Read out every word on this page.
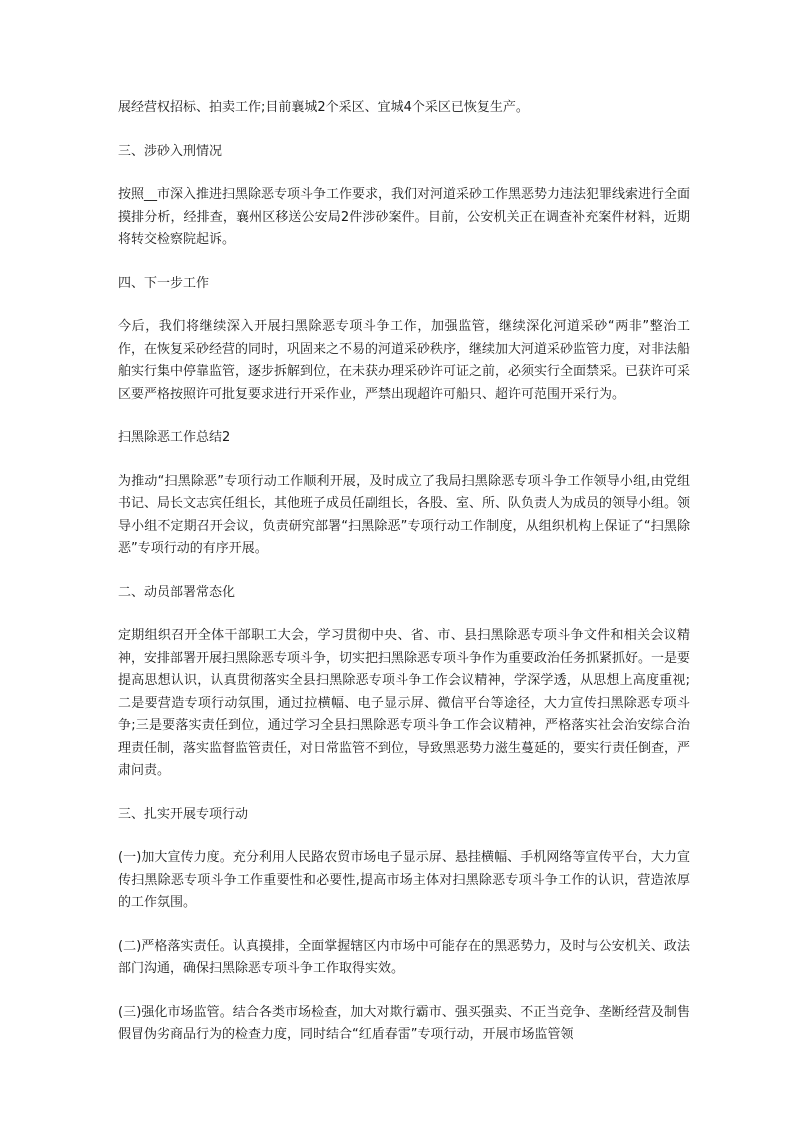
展经营权招标、拍卖工作;目前襄城2个采区、宜城4个采区已恢复生产。

三、涉砂入刑情况

按照__市深入推进扫黑除恶专项斗争工作要求，我们对河道采砂工作黑恶势力违法犯罪线索进行全面摸排分析，经排查，襄州区移送公安局2件涉砂案件。目前，公安机关正在调查补充案件材料，近期将转交检察院起诉。

四、下一步工作

今后，我们将继续深入开展扫黑除恶专项斗争工作，加强监管，继续深化河道采砂“两非”整治工作，在恢复采砂经营的同时，巩固来之不易的河道采砂秩序，继续加大河道采砂监管力度，对非法船舶实行集中停靠监管，逐步拆解到位，在未获办理采砂许可证之前，必须实行全面禁采。已获许可采区要严格按照许可批复要求进行开采作业，严禁出现超许可船只、超许可范围开采行为。

扫黑除恶工作总结2

为推动“扫黑除恶”专项行动工作顺利开展，及时成立了我局扫黑除恶专项斗争工作领导小组,由党组书记、局长文志宾任组长，其他班子成员任副组长，各股、室、所、队负责人为成员的领导小组。领导小组不定期召开会议，负责研究部署“扫黑除恶”专项行动工作制度，从组织机构上保证了“扫黑除恶”专项行动的有序开展。

二、动员部署常态化

定期组织召开全体干部职工大会，学习贯彻中央、省、市、县扫黑除恶专项斗争文件和相关会议精神，安排部署开展扫黑除恶专项斗争，切实把扫黑除恶专项斗争作为重要政治任务抓紧抓好。一是要提高思想认识，认真贯彻落实全县扫黑除恶专项斗争工作会议精神，学深学透，从思想上高度重视;二是要营造专项行动氛围，通过拉横幅、电子显示屏、微信平台等途径，大力宣传扫黑除恶专项斗争;三是要落实责任到位，通过学习全县扫黑除恶专项斗争工作会议精神，严格落实社会治安综合治理责任制，落实监督监管责任，对日常监管不到位，导致黑恶势力滋生蔓延的，要实行责任倒查，严肃问责。

三、扎实开展专项行动

(一)加大宣传力度。充分利用人民路农贸市场电子显示屏、悬挂横幅、手机网络等宣传平台，大力宣传扫黑除恶专项斗争工作重要性和必要性,提高市场主体对扫黑除恶专项斗争工作的认识，营造浓厚的工作氛围。

(二)严格落实责任。认真摸排，全面掌握辖区内市场中可能存在的黑恶势力，及时与公安机关、政法部门沟通，确保扫黑除恶专项斗争工作取得实效。

(三)强化市场监管。结合各类市场检查，加大对欺行霸市、强买强卖、不正当竞争、垄断经营及制售假冒伪劣商品行为的检查力度，同时结合“红盾春雷”专项行动，开展市场监管领
